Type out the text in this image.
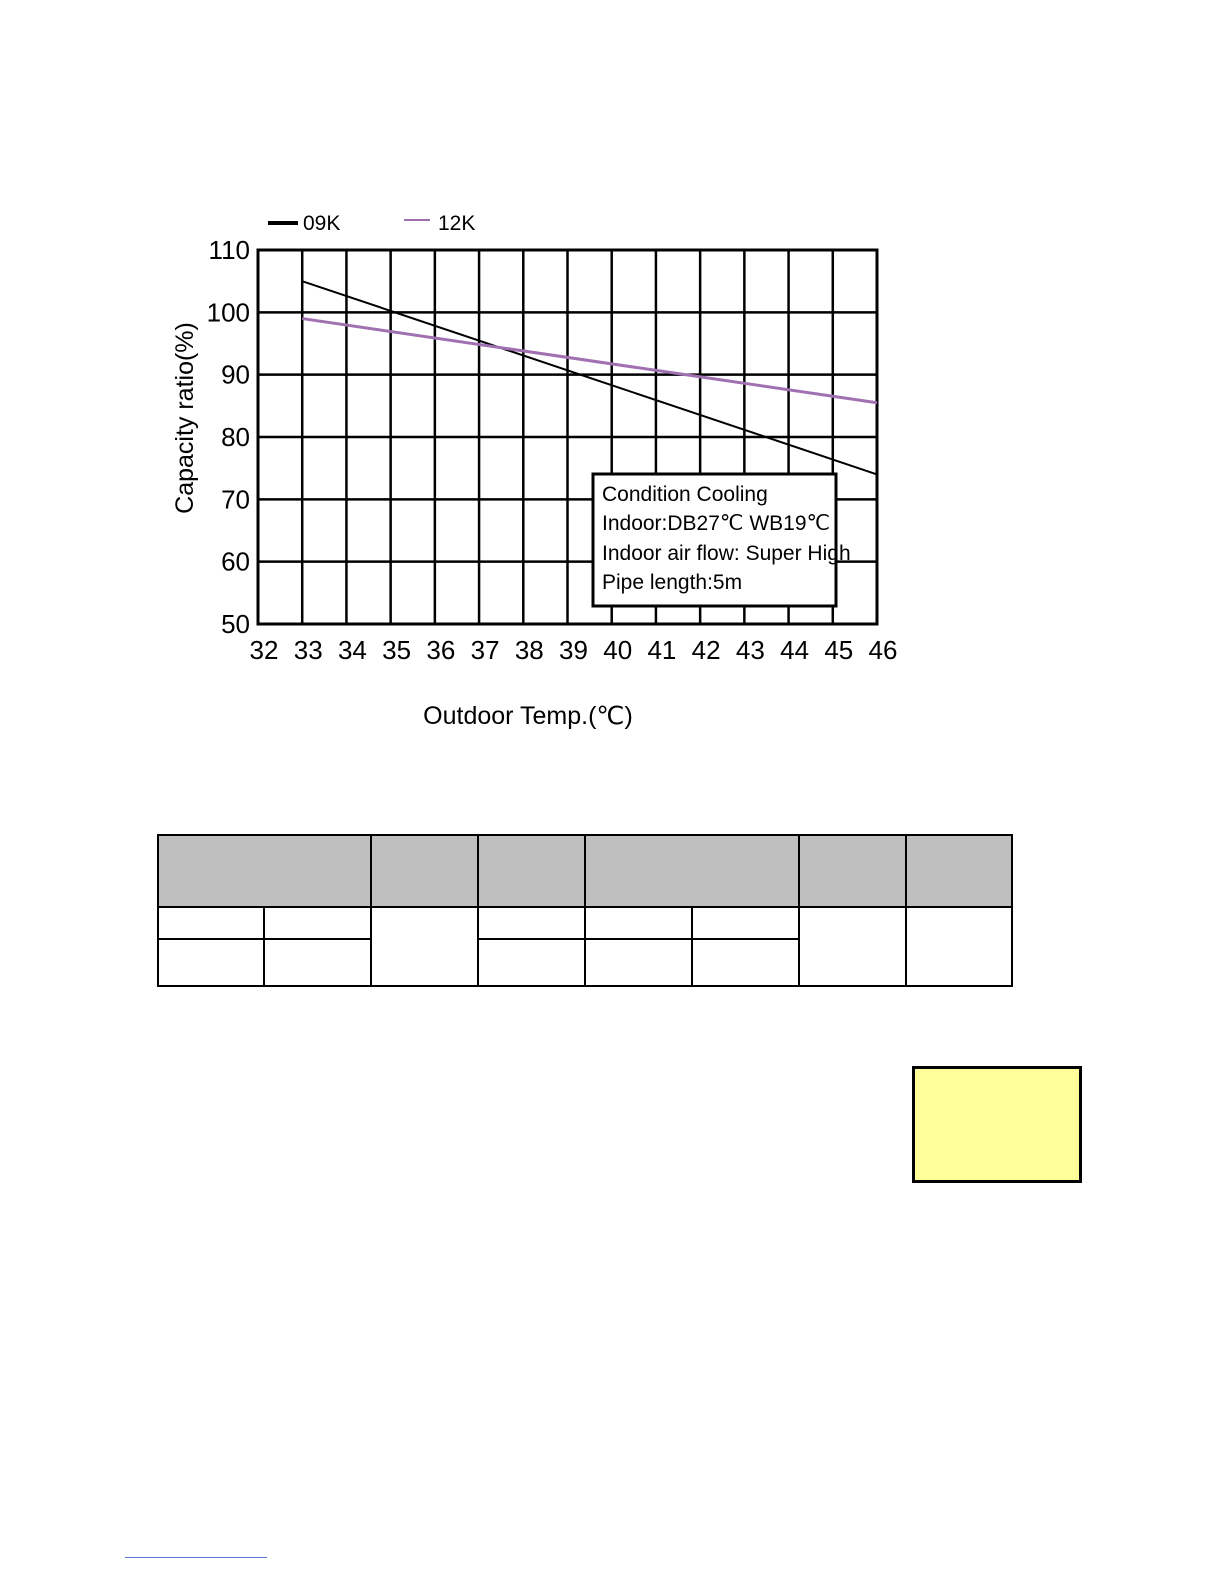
32 33 34 35 36 37 38 39 40 41 42 43 44 45 46
50
60
70
80
90
100
110
09K	12K
Condition Cooling
Indoor:DB27℃ WB19℃
Indoor air flow: Super High
Pipe length:5m
Capacity ratio(%)
Outdoor Temp.(℃)
